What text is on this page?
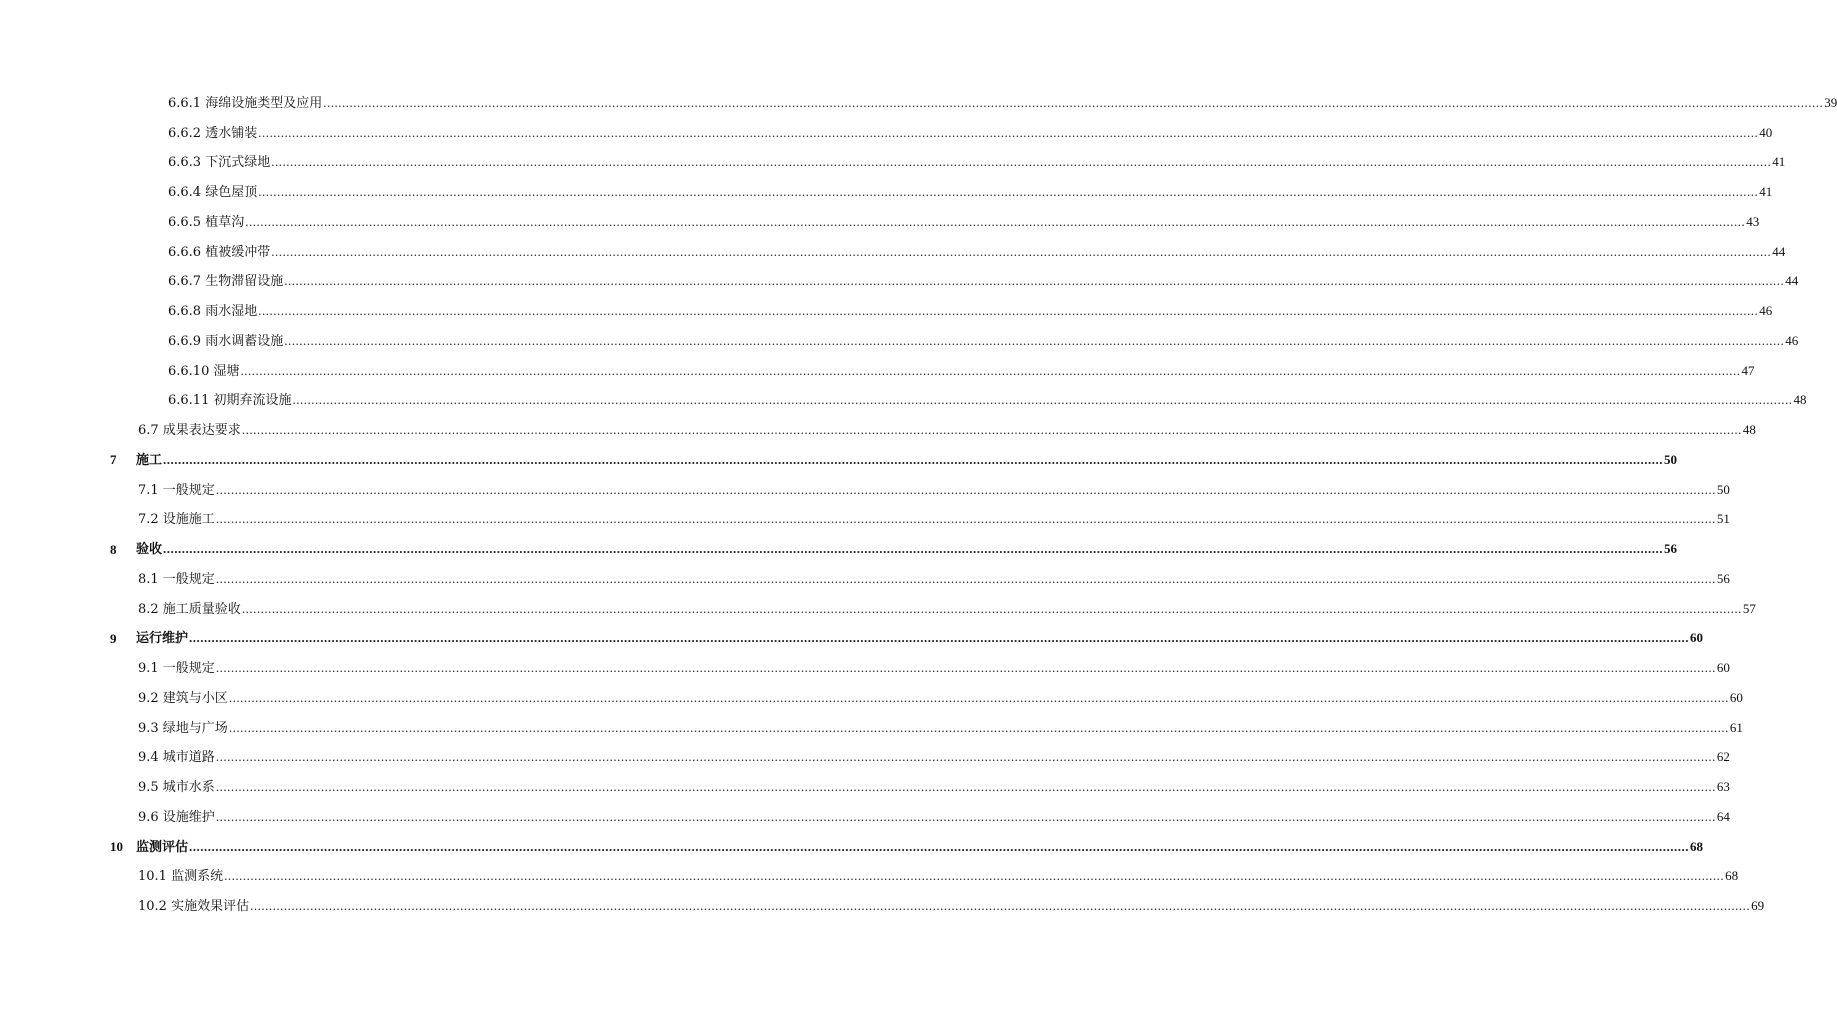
6.6.1 海绵设施类型及应用 ................................................................................................................................................................................................................................................................................................................................................................................................................ 39
6.6.2 透水铺装 ................................................................................................................................................................................................................................................................................................................................................................................................................ 40
6.6.3 下沉式绿地 ................................................................................................................................................................................................................................................................................................................................................................................................................ 41
6.6.4 绿色屋顶 ................................................................................................................................................................................................................................................................................................................................................................................................................ 41
6.6.5 植草沟 ................................................................................................................................................................................................................................................................................................................................................................................................................ 43
6.6.6 植被缓冲带 ................................................................................................................................................................................................................................................................................................................................................................................................................ 44
6.6.7 生物滞留设施 ................................................................................................................................................................................................................................................................................................................................................................................................................ 44
6.6.8 雨水湿地 ................................................................................................................................................................................................................................................................................................................................................................................................................ 46
6.6.9 雨水调蓄设施 ................................................................................................................................................................................................................................................................................................................................................................................................................ 46
6.6.10 湿塘 ................................................................................................................................................................................................................................................................................................................................................................................................................ 47
6.6.11 初期弃流设施 ................................................................................................................................................................................................................................................................................................................................................................................................................ 48
6.7 成果表达要求 ................................................................................................................................................................................................................................................................................................................................................................................................................ 48
7 施工 ................................................................................................................................................................................................................................................................................................................................................................................................................ 50
7.1 一般规定 ................................................................................................................................................................................................................................................................................................................................................................................................................ 50
7.2 设施施工 ................................................................................................................................................................................................................................................................................................................................................................................................................ 51
8 验收 ................................................................................................................................................................................................................................................................................................................................................................................................................ 56
8.1 一般规定 ................................................................................................................................................................................................................................................................................................................................................................................................................ 56
8.2 施工质量验收 ................................................................................................................................................................................................................................................................................................................................................................................................................ 57
9 运行维护 ................................................................................................................................................................................................................................................................................................................................................................................................................ 60
9.1 一般规定 ................................................................................................................................................................................................................................................................................................................................................................................................................ 60
9.2 建筑与小区 ................................................................................................................................................................................................................................................................................................................................................................................................................ 60
9.3 绿地与广场 ................................................................................................................................................................................................................................................................................................................................................................................................................ 61
9.4 城市道路 ................................................................................................................................................................................................................................................................................................................................................................................................................ 62
9.5 城市水系 ................................................................................................................................................................................................................................................................................................................................................................................................................ 63
9.6 设施维护 ................................................................................................................................................................................................................................................................................................................................................................................................................ 64
10 监测评估 ................................................................................................................................................................................................................................................................................................................................................................................................................ 68
10.1 监测系统 ................................................................................................................................................................................................................................................................................................................................................................................................................ 68
10.2 实施效果评估 ................................................................................................................................................................................................................................................................................................................................................................................................................ 69
